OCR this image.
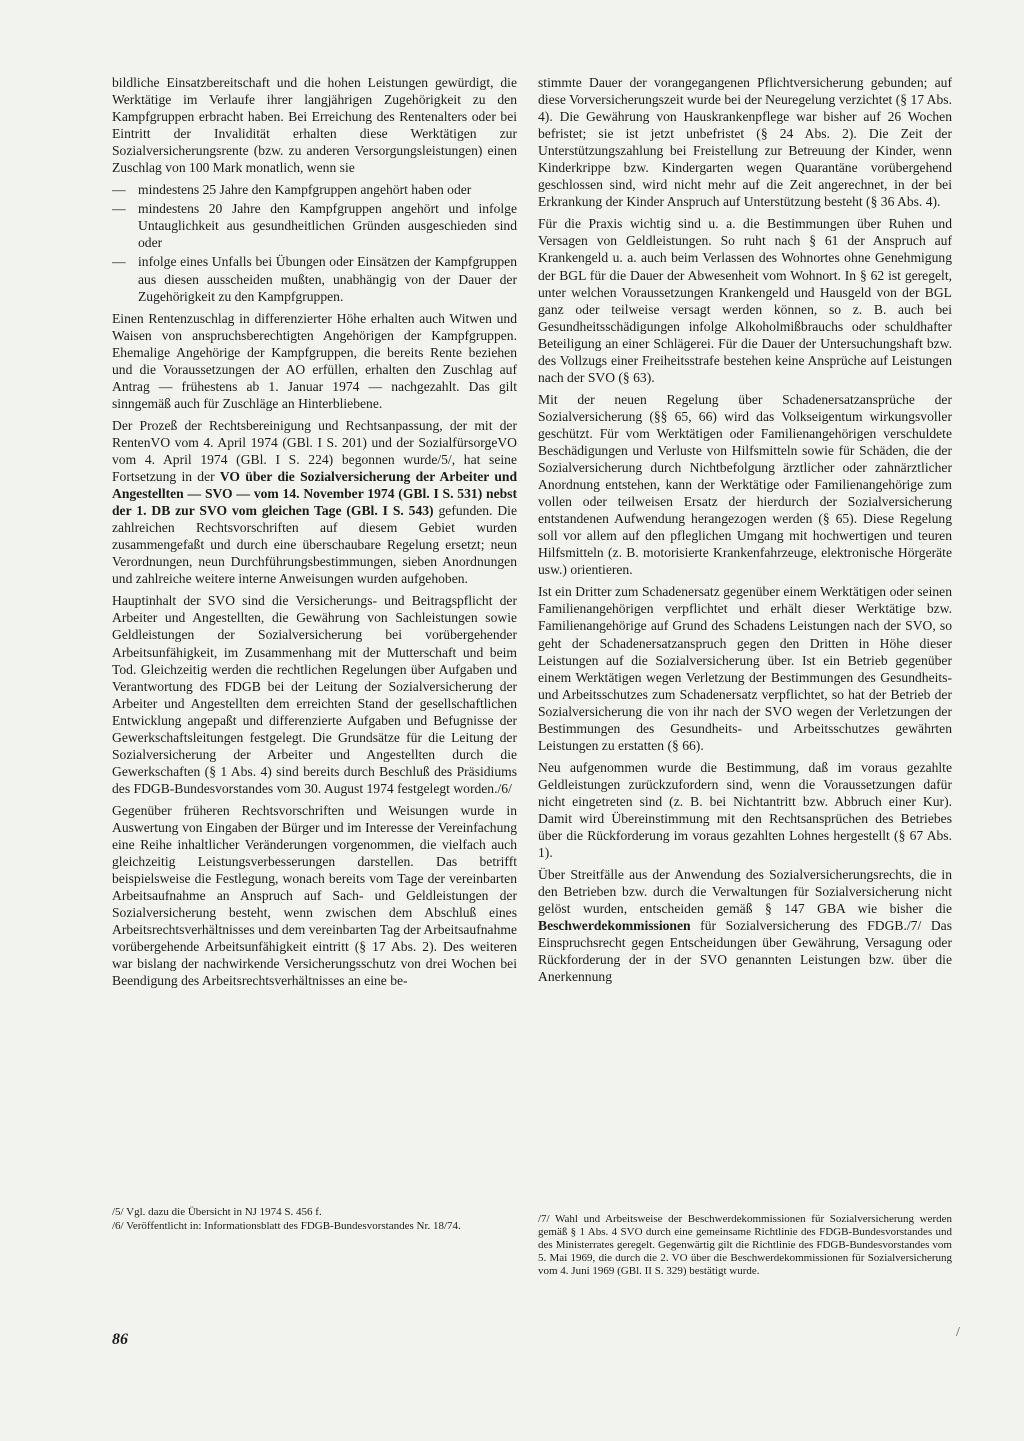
bildliche Einsatzbereitschaft und die hohen Leistungen gewürdigt, die Werktätige im Verlaufe ihrer langjährigen Zugehörigkeit zu den Kampfgruppen erbracht haben. Bei Erreichung des Rentenalters oder bei Eintritt der Invalidität erhalten diese Werktätigen zur Sozialversicherungsrente (bzw. zu anderen Versorgungsleistungen) einen Zuschlag von 100 Mark monatlich, wenn sie

— mindestens 25 Jahre den Kampfgruppen angehört haben oder
— mindestens 20 Jahre den Kampfgruppen angehört und infolge Untauglichkeit aus gesundheitlichen Gründen ausgeschieden sind oder
— infolge eines Unfalls bei Übungen oder Einsätzen der Kampfgruppen aus diesen ausscheiden mußten, unabhängig von der Dauer der Zugehörigkeit zu den Kampfgruppen.

Einen Rentenzuschlag in differenzierter Höhe erhalten auch Witwen und Waisen von anspruchsberechtigten Angehörigen der Kampfgruppen. Ehemalige Angehörige der Kampfgruppen, die bereits Rente beziehen und die Voraussetzungen der AO erfüllen, erhalten den Zuschlag auf Antrag — frühestens ab 1. Januar 1974 — nachgezahlt. Das gilt sinngemäß auch für Zuschläge an Hinterbliebene.

Der Prozeß der Rechtsbereinigung und Rechtsanpassung, der mit der RentenVO vom 4. April 1974 (GBl. I S. 201) und der SozialfürsorgeVO vom 4. April 1974 (GBl. I S. 224) begonnen wurde/5/, hat seine Fortsetzung in der VO über die Sozialversicherung der Arbeiter und Angestellten — SVO — vom 14. November 1974 (GBl. I S. 531) nebst der 1. DB zur SVO vom gleichen Tage (GBl. I S. 543) gefunden. Die zahlreichen Rechtsvorschriften auf diesem Gebiet wurden zusammengefaßt und durch eine überschaubare Regelung ersetzt; neun Verordnungen, neun Durchführungsbestimmungen, sieben Anordnungen und zahlreiche weitere interne Anweisungen wurden aufgehoben.

Hauptinhalt der SVO sind die Versicherungs- und Beitragspflicht der Arbeiter und Angestellten, die Gewährung von Sachleistungen sowie Geldleistungen der Sozialversicherung bei vorübergehender Arbeitsunfähigkeit, im Zusammenhang mit der Mutterschaft und beim Tod. Gleichzeitig werden die rechtlichen Regelungen über Aufgaben und Verantwortung des FDGB bei der Leitung der Sozialversicherung der Arbeiter und Angestellten dem erreichten Stand der gesellschaftlichen Entwicklung angepaßt und differenzierte Aufgaben und Befugnisse der Gewerkschaftsleitungen festgelegt. Die Grundsätze für die Leitung der Sozialversicherung der Arbeiter und Angestellten durch die Gewerkschaften (§ 1 Abs. 4) sind bereits durch Beschluß des Präsidiums des FDGB-Bundesvorstandes vom 30. August 1974 festgelegt worden./6/

Gegenüber früheren Rechtsvorschriften und Weisungen wurde in Auswertung von Eingaben der Bürger und im Interesse der Vereinfachung eine Reihe inhaltlicher Veränderungen vorgenommen, die vielfach auch gleichzeitig Leistungsverbesserungen darstellen. Das betrifft beispielsweise die Festlegung, wonach bereits vom Tage der vereinbarten Arbeitsaufnahme an Anspruch auf Sach- und Geldleistungen der Sozialversicherung besteht, wenn zwischen dem Abschluß eines Arbeitsrechtsverhältnisses und dem vereinbarten Tag der Arbeitsaufnahme vorübergehende Arbeitsunfähigkeit eintritt (§ 17 Abs. 2). Des weiteren war bislang der nachwirkende Versicherungsschutz von drei Wochen bei Beendigung des Arbeitsrechtsverhältnisses an eine be-

/5/ Vgl. dazu die Übersicht in NJ 1974 S. 456 f.

/6/ Veröffentlicht in: Informationsblatt des FDGB-Bundesvorstandes Nr. 18/74.

stimmte Dauer der vorangegangenen Pflichtversicherung gebunden; auf diese Vorversicherungszeit wurde bei der Neuregelung verzichtet (§ 17 Abs. 4). Die Gewährung von Hauskrankenpflege war bisher auf 26 Wochen befristet; sie ist jetzt unbefristet (§ 24 Abs. 2). Die Zeit der Unterstützungszahlung bei Freistellung zur Betreuung der Kinder, wenn Kinderkrippe bzw. Kindergarten wegen Quarantäne vorübergehend geschlossen sind, wird nicht mehr auf die Zeit angerechnet, in der bei Erkrankung der Kinder Anspruch auf Unterstützung besteht (§ 36 Abs. 4).

Für die Praxis wichtig sind u. a. die Bestimmungen über Ruhen und Versagen von Geldleistungen. So ruht nach § 61 der Anspruch auf Krankengeld u. a. auch beim Verlassen des Wohnortes ohne Genehmigung der BGL für die Dauer der Abwesenheit vom Wohnort. In § 62 ist geregelt, unter welchen Voraussetzungen Krankengeld und Hausgeld von der BGL ganz oder teilweise versagt werden können, so z. B. auch bei Gesundheitsschädigungen infolge Alkoholmißbrauchs oder schuldhafter Beteiligung an einer Schlägerei. Für die Dauer der Untersuchungshaft bzw. des Vollzugs einer Freiheitsstrafe bestehen keine Ansprüche auf Leistungen nach der SVO (§ 63).

Mit der neuen Regelung über Schadenersatzansprüche der Sozialversicherung (§§ 65, 66) wird das Volkseigentum wirkungsvoller geschützt. Für vom Werktätigen oder Familienangehörigen verschuldete Beschädigungen und Verluste von Hilfsmitteln sowie für Schäden, die der Sozialversicherung durch Nichtbefolgung ärztlicher oder zahnärztlicher Anordnung entstehen, kann der Werktätige oder Familienangehörige zum vollen oder teilweisen Ersatz der hierdurch der Sozialversicherung entstandenen Aufwendung herangezogen werden (§ 65). Diese Regelung soll vor allem auf den pfleglichen Umgang mit hochwertigen und teuren Hilfsmitteln (z. B. motorisierte Krankenfahrzeuge, elektronische Hörgeräte usw.) orientieren.

Ist ein Dritter zum Schadenersatz gegenüber einem Werktätigen oder seinen Familienangehörigen verpflichtet und erhält dieser Werktätige bzw. Familienangehörige auf Grund des Schadens Leistungen nach der SVO, so geht der Schadenersatzanspruch gegen den Dritten in Höhe dieser Leistungen auf die Sozialversicherung über. Ist ein Betrieb gegenüber einem Werktätigen wegen Verletzung der Bestimmungen des Gesundheits- und Arbeitsschutzes zum Schadenersatz verpflichtet, so hat der Betrieb der Sozialversicherung die von ihr nach der SVO wegen der Verletzungen der Bestimmungen des Gesundheits- und Arbeitsschutzes gewährten Leistungen zu erstatten (§ 66).

Neu aufgenommen wurde die Bestimmung, daß im voraus gezahlte Geldleistungen zurückzufordern sind, wenn die Voraussetzungen dafür nicht eingetreten sind (z. B. bei Nichtantritt bzw. Abbruch einer Kur). Damit wird Übereinstimmung mit den Rechtsansprüchen des Betriebes über die Rückforderung im voraus gezahlten Lohnes hergestellt (§ 67 Abs. 1).

Über Streitfälle aus der Anwendung des Sozialversicherungsrechts, die in den Betrieben bzw. durch die Verwaltungen für Sozialversicherung nicht gelöst wurden, entscheiden gemäß § 147 GBA wie bisher die Beschwerdekommissionen für Sozialversicherung des FDGB./7/ Das Einspruchsrecht gegen Entscheidungen über Gewährung, Versagung oder Rückforderung der in der SVO genannten Leistungen bzw. über die Anerkennung

/7/ Wahl und Arbeitsweise der Beschwerdekommissionen für Sozialversicherung werden gemäß § 1 Abs. 4 SVO durch eine gemeinsame Richtlinie des FDGB-Bundesvorstandes und des Ministerrates geregelt. Gegenwärtig gilt die Richtlinie des FDGB-Bundesvorstandes vom 5. Mai 1969, die durch die 2. VO über die Beschwerdekommissionen für Sozialversicherung vom 4. Juni 1969 (GBl. II S. 329) bestätigt wurde.

86	/
